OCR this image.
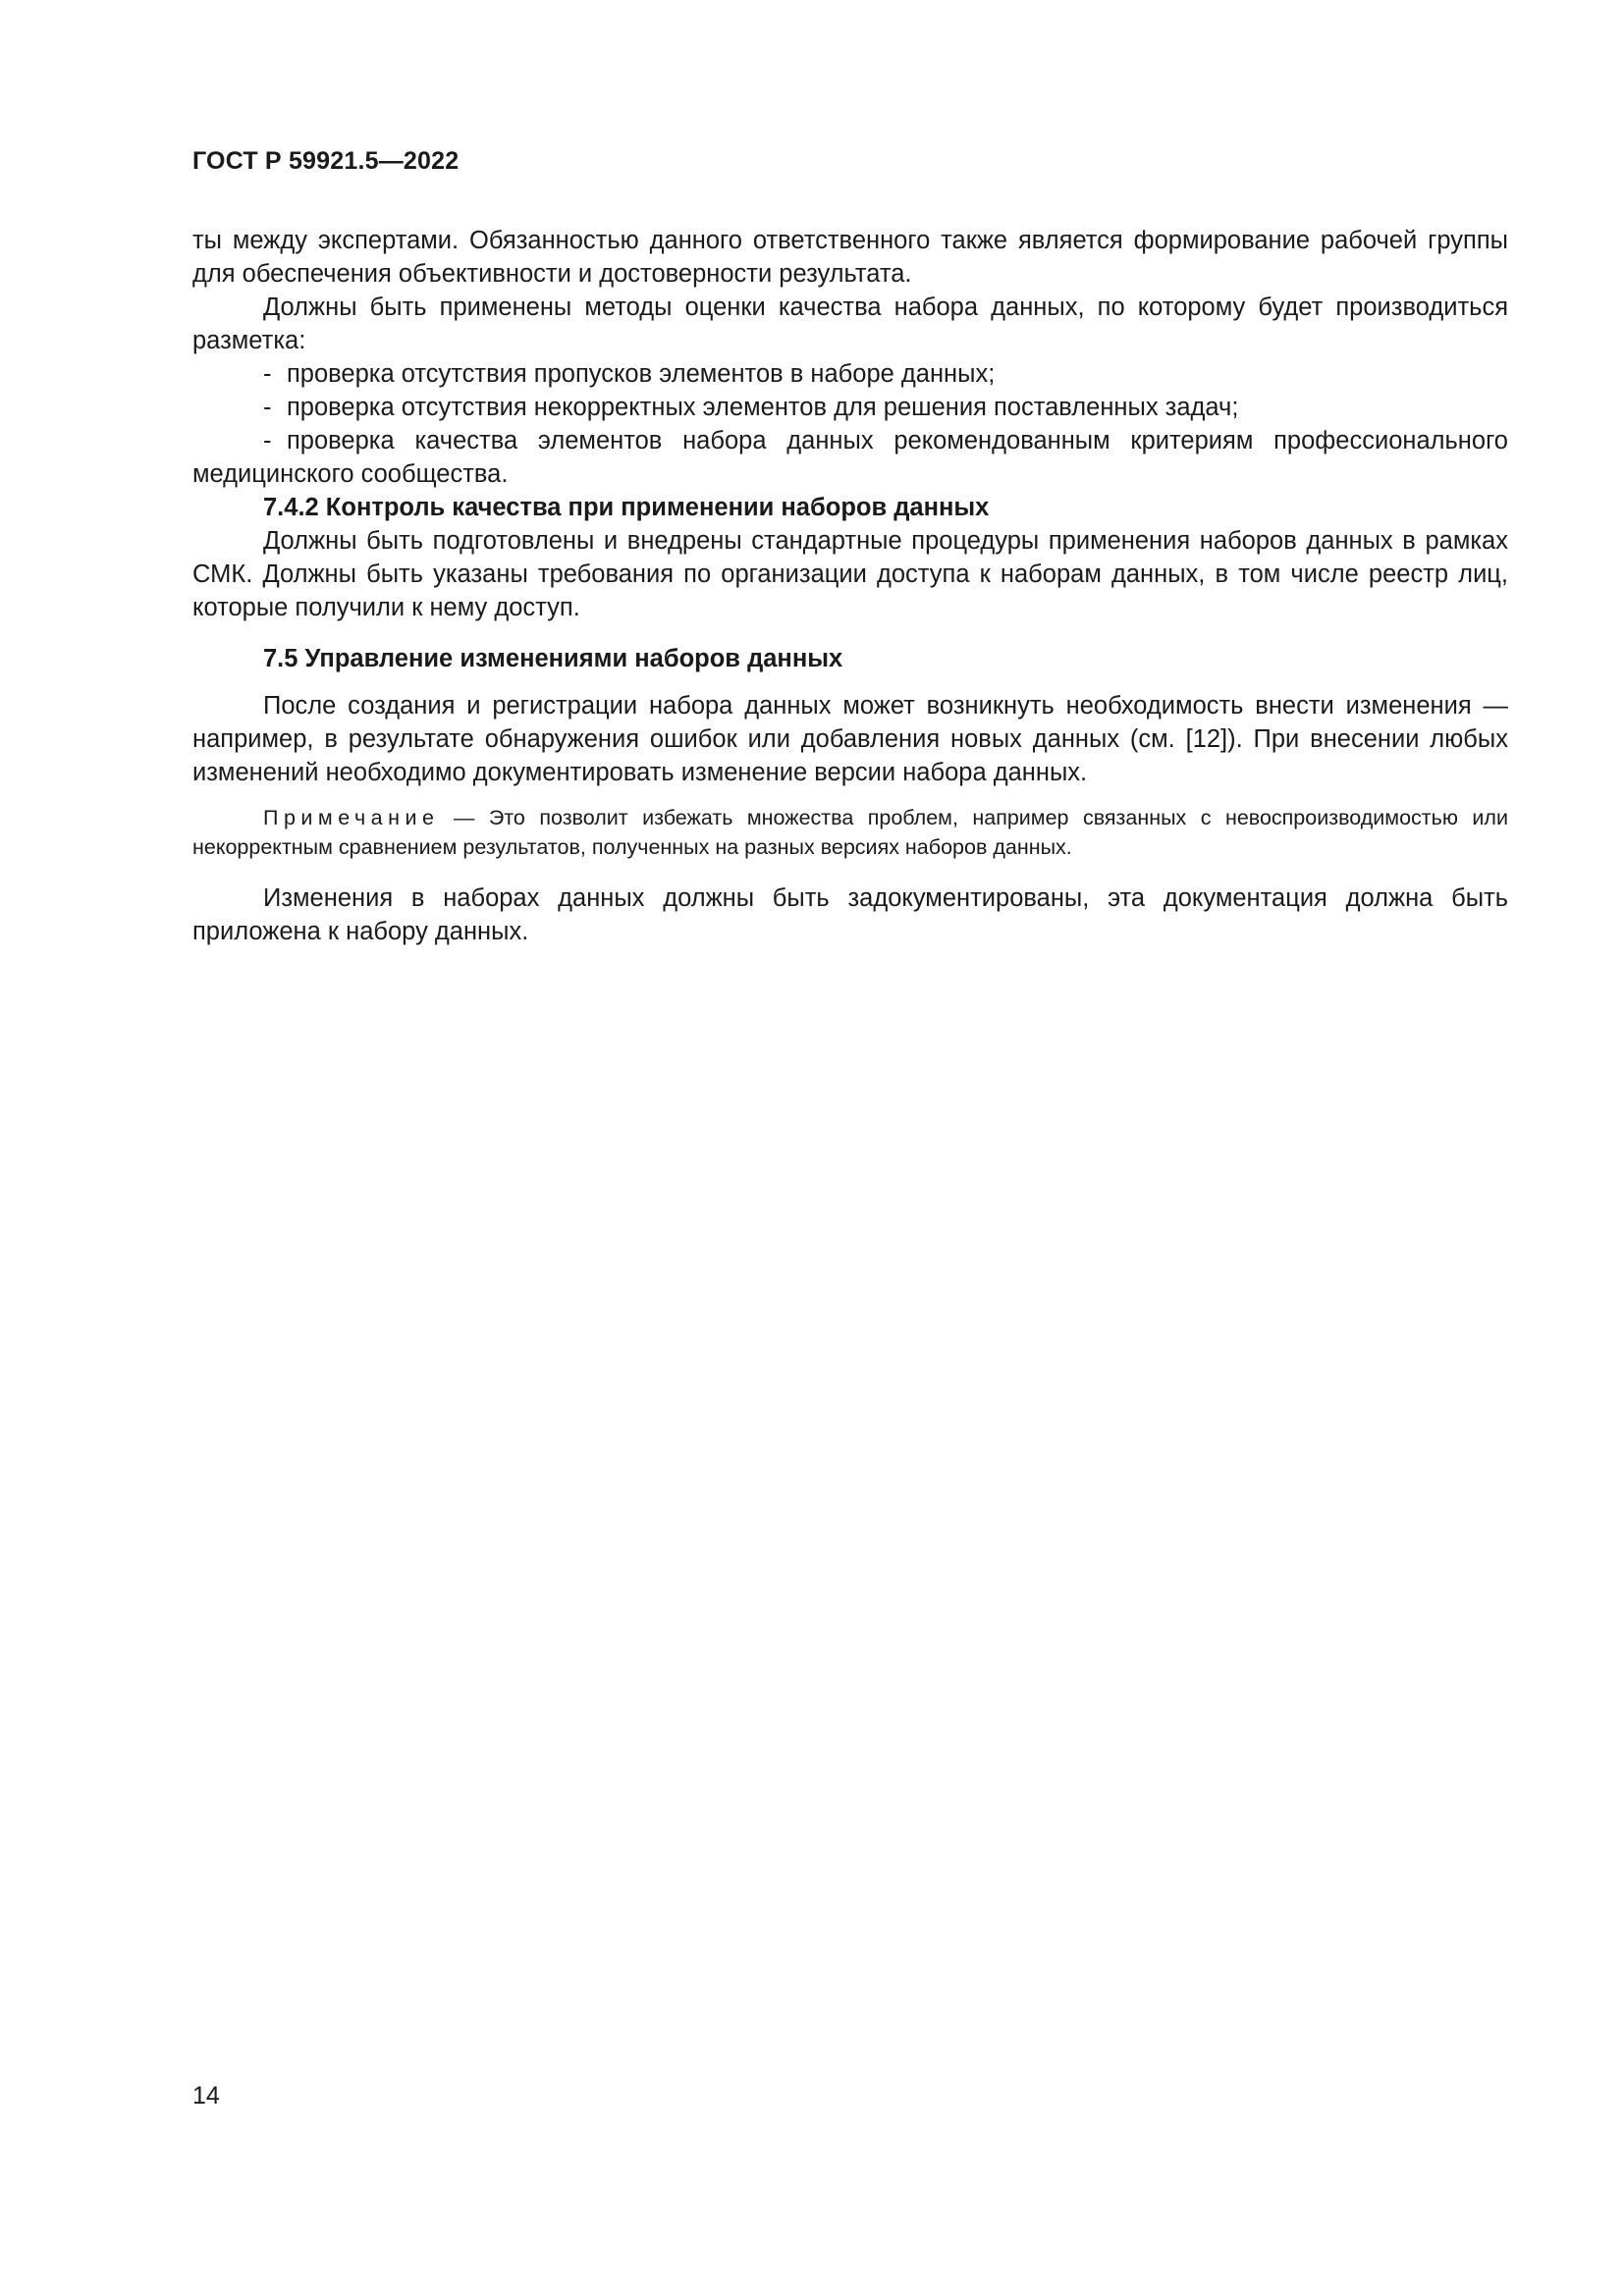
ГОСТ Р 59921.5—2022

ты между экспертами. Обязанностью данного ответственного также является формирование рабочей группы для обеспечения объективности и достоверности результата.

Должны быть применены методы оценки качества набора данных, по которому будет производиться разметка:

- проверка отсутствия пропусков элементов в наборе данных;

- проверка отсутствия некорректных элементов для решения поставленных задач;

- проверка качества элементов набора данных рекомендованным критериям профессионального медицинского сообщества.

7.4.2 Контроль качества при применении наборов данных

Должны быть подготовлены и внедрены стандартные процедуры применения наборов данных в рамках СМК. Должны быть указаны требования по организации доступа к наборам данных, в том числе реестр лиц, которые получили к нему доступ.

7.5 Управление изменениями наборов данных

После создания и регистрации набора данных может возникнуть необходимость внести изменения — например, в результате обнаружения ошибок или добавления новых данных (см. [12]). При внесении любых изменений необходимо документировать изменение версии набора данных.

Примечание — Это позволит избежать множества проблем, например связанных с невоспроизводимостью или некорректным сравнением результатов, полученных на разных версиях наборов данных.

Изменения в наборах данных должны быть задокументированы, эта документация должна быть приложена к набору данных.

14
